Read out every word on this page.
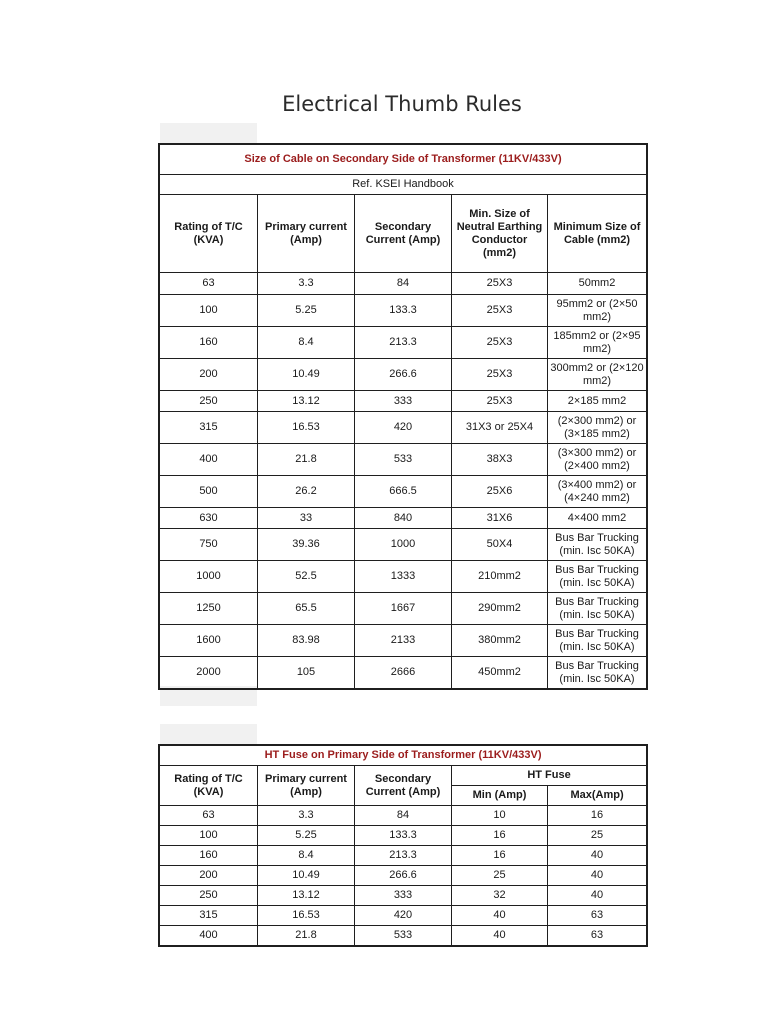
Electrical Thumb Rules
Size of Cable on Secondary Side of Transformer (11KV/433V)				
Ref. KSEI Handbook				
Rating of T/C (KVA)	Primary current (Amp)	Secondary Current (Amp)	Min. Size of Neutral Earthing Conductor (mm2)	Minimum Size of Cable (mm2)
63	3.3	84	25X3	50mm2
100	5.25	133.3	25X3	95mm2 or (2×50 mm2)
160	8.4	213.3	25X3	185mm2 or (2×95 mm2)
200	10.49	266.6	25X3	300mm2 or (2×120 mm2)
250	13.12	333	25X3	2×185 mm2
315	16.53	420	31X3 or 25X4	(2×300 mm2) or (3×185 mm2)
400	21.8	533	38X3	(3×300 mm2) or (2×400 mm2)
500	26.2	666.5	25X6	(3×400 mm2) or (4×240 mm2)
630	33	840	31X6	4×400 mm2
750	39.36	1000	50X4	Bus Bar Trucking (min. Isc 50KA)
1000	52.5	1333	210mm2	Bus Bar Trucking (min. Isc 50KA)
1250	65.5	1667	290mm2	Bus Bar Trucking (min. Isc 50KA)
1600	83.98	2133	380mm2	Bus Bar Trucking (min. Isc 50KA)
2000	105	2666	450mm2	Bus Bar Trucking (min. Isc 50KA)
HT Fuse on Primary Side of Transformer (11KV/433V)				
Rating of T/C (KVA)	Primary current (Amp)	Secondary Current (Amp)	HT Fuse	
			Min (Amp)	Max(Amp)
63	3.3	84	10	16
100	5.25	133.3	16	25
160	8.4	213.3	16	40
200	10.49	266.6	25	40
250	13.12	333	32	40
315	16.53	420	40	63
400	21.8	533	40	63
